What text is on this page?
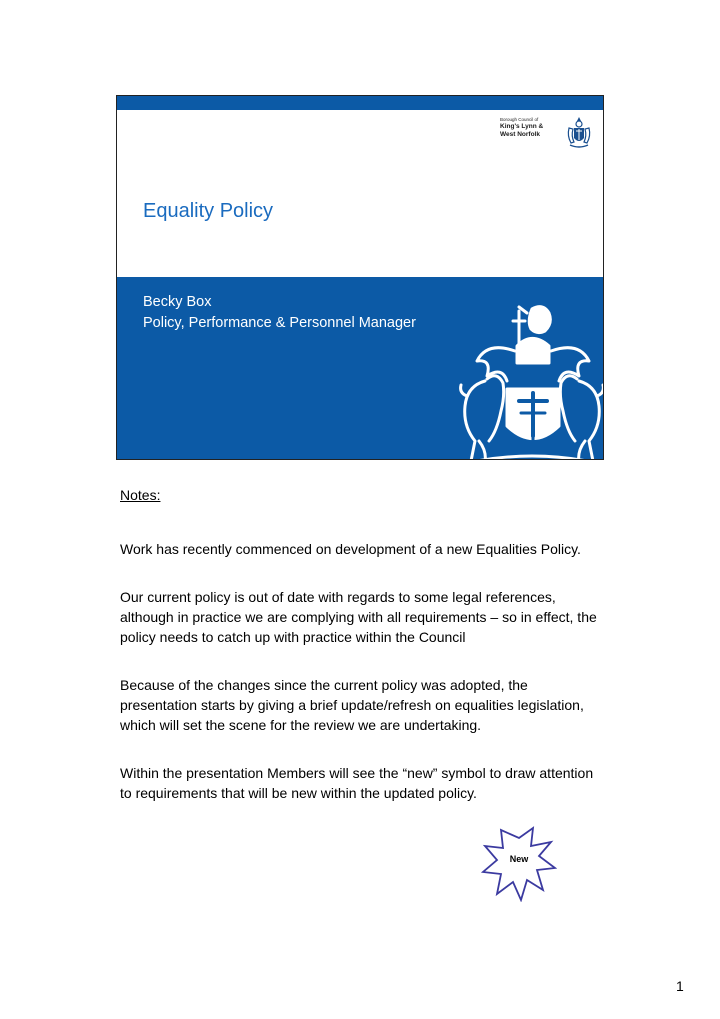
Borough Council of
King's Lynn &
West Norfolk
Equality Policy

Becky Box

Policy, Performance & Personnel Manager

Notes:

Work has recently commenced on development of a new Equalities Policy.

Our current policy is out of date with regards to some legal references, although in practice we are complying with all requirements – so in effect, the policy needs to catch up with practice within the Council

Because of the changes since the current policy was adopted, the presentation starts by giving a brief update/refresh on equalities legislation, which will set the scene for the review we are undertaking.

Within the presentation Members will see the “new” symbol to draw attention to requirements that will be new within the updated policy.

New
1
